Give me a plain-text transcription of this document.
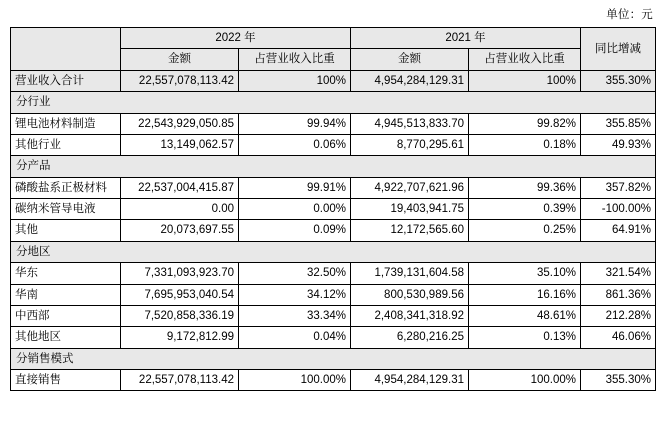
单位：元
	2022 年		2021 年		同比增减
	金额	占营业收入比重	金额	占营业收入比重	
营业收入合计	22,557,078,113.42	100%	4,954,284,129.31	100%	355.30%
分行业					
锂电池材料制造	22,543,929,050.85	99.94%	4,945,513,833.70	99.82%	355.85%
其他行业	13,149,062.57	0.06%	8,770,295.61	0.18%	49.93%
分产品					
磷酸盐系正极材料	22,537,004,415.87	99.91%	4,922,707,621.96	99.36%	357.82%
碳纳米管导电液	0.00	0.00%	19,403,941.75	0.39%	-100.00%
其他	20,073,697.55	0.09%	12,172,565.60	0.25%	64.91%
分地区					
华东	7,331,093,923.70	32.50%	1,739,131,604.58	35.10%	321.54%
华南	7,695,953,040.54	34.12%	800,530,989.56	16.16%	861.36%
中西部	7,520,858,336.19	33.34%	2,408,341,318.92	48.61%	212.28%
其他地区	9,172,812.99	0.04%	6,280,216.25	0.13%	46.06%
分销售模式					
直接销售	22,557,078,113.42	100.00%	4,954,284,129.31	100.00%	355.30%
